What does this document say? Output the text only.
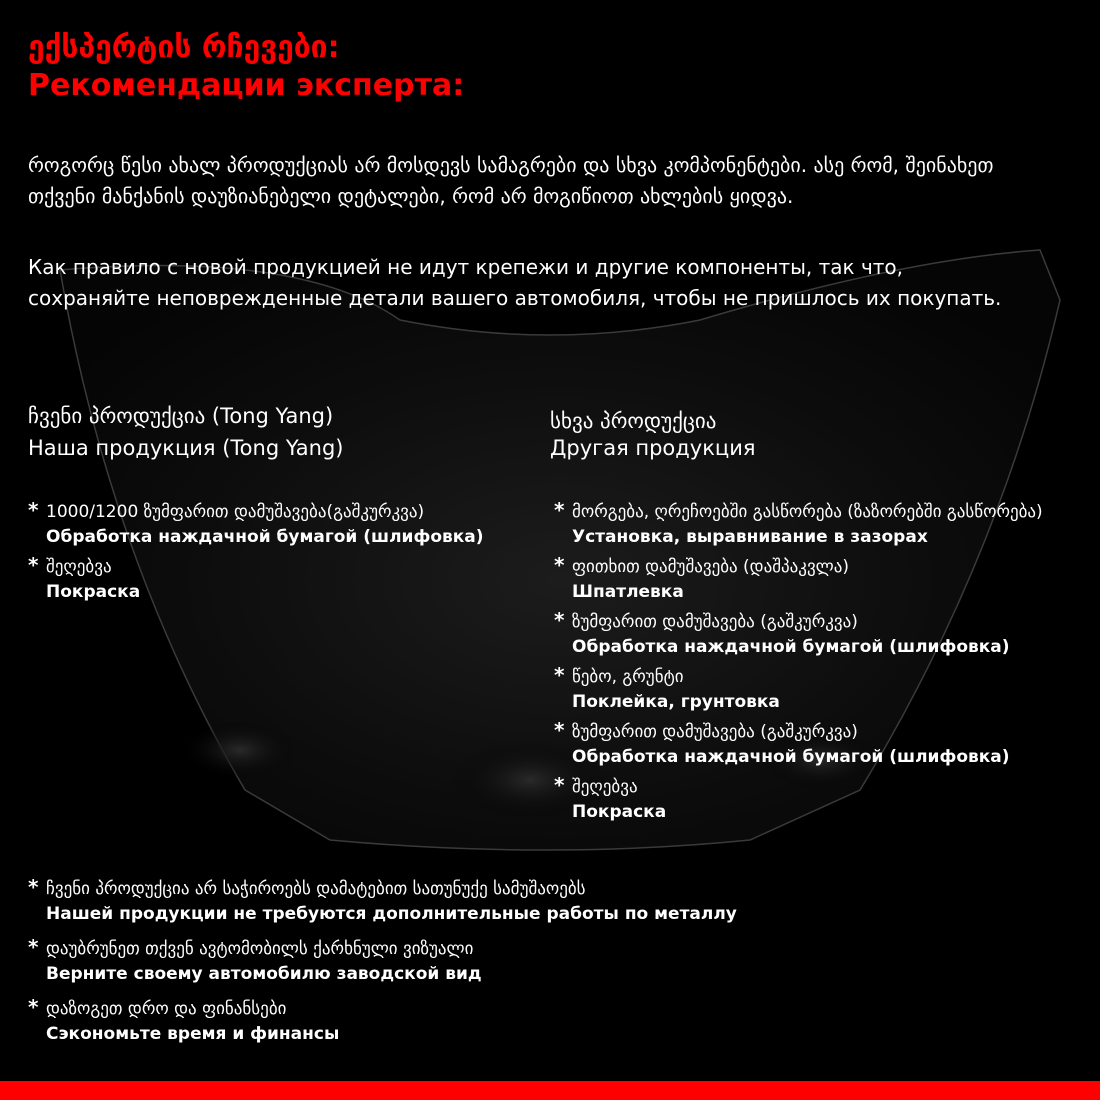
ექსპერტის რჩევები:
Рекомендации эксперта:

როგორც წესი ახალ პროდუქციას არ მოსდევს სამაგრები და სხვა კომპონენტები. ასე რომ, შეინახეთ თქვენი მანქანის დაუზიანებელი დეტალები, რომ არ მოგიწიოთ ახლების ყიდვა.

Как правило с новой продукцией не идут крепежи и другие компоненты, так что, сохраняйте неповрежденные детали вашего автомобиля, чтобы не пришлось их покупать.

ჩვენი პროდუქცია (Tong Yang)

Наша продукция (Tong Yang)

სხვა პროდუქცია

Другая продукция

* 1000/1200 ზუმფარით დამუშავება(გაშკურკვა)
Обработка наждачной бумагой (шлифовка)
* შეღებვა
Покраска
* მორგება, ღრეჩოებში გასწორება (ზაზორებში გასწორება)
Установка, выравнивание в зазорах
* ფითხით დამუშავება (დაშპაკვლა)
Шпатлевка
* ზუმფარით დამუშავება (გაშკურკვა)
Обработка наждачной бумагой (шлифовка)
* წებო, გრუნტი
Поклейка, грунтовка
* ზუმფარით დამუშავება (გაშკურკვა)
Обработка наждачной бумагой (шлифовка)
* შეღებვა
Покраска
* ჩვენი პროდუქცია არ საჭიროებს დამატებით სათუნუქე სამუშაოებს
Нашей продукции не требуются дополнительные работы по металлу
* დაუბრუნეთ თქვენ ავტომობილს ქარხნული ვიზუალი
Верните своему автомобилю заводской вид
* დაზოგეთ დრო და ფინანსები
Сэкономьте время и финансы
